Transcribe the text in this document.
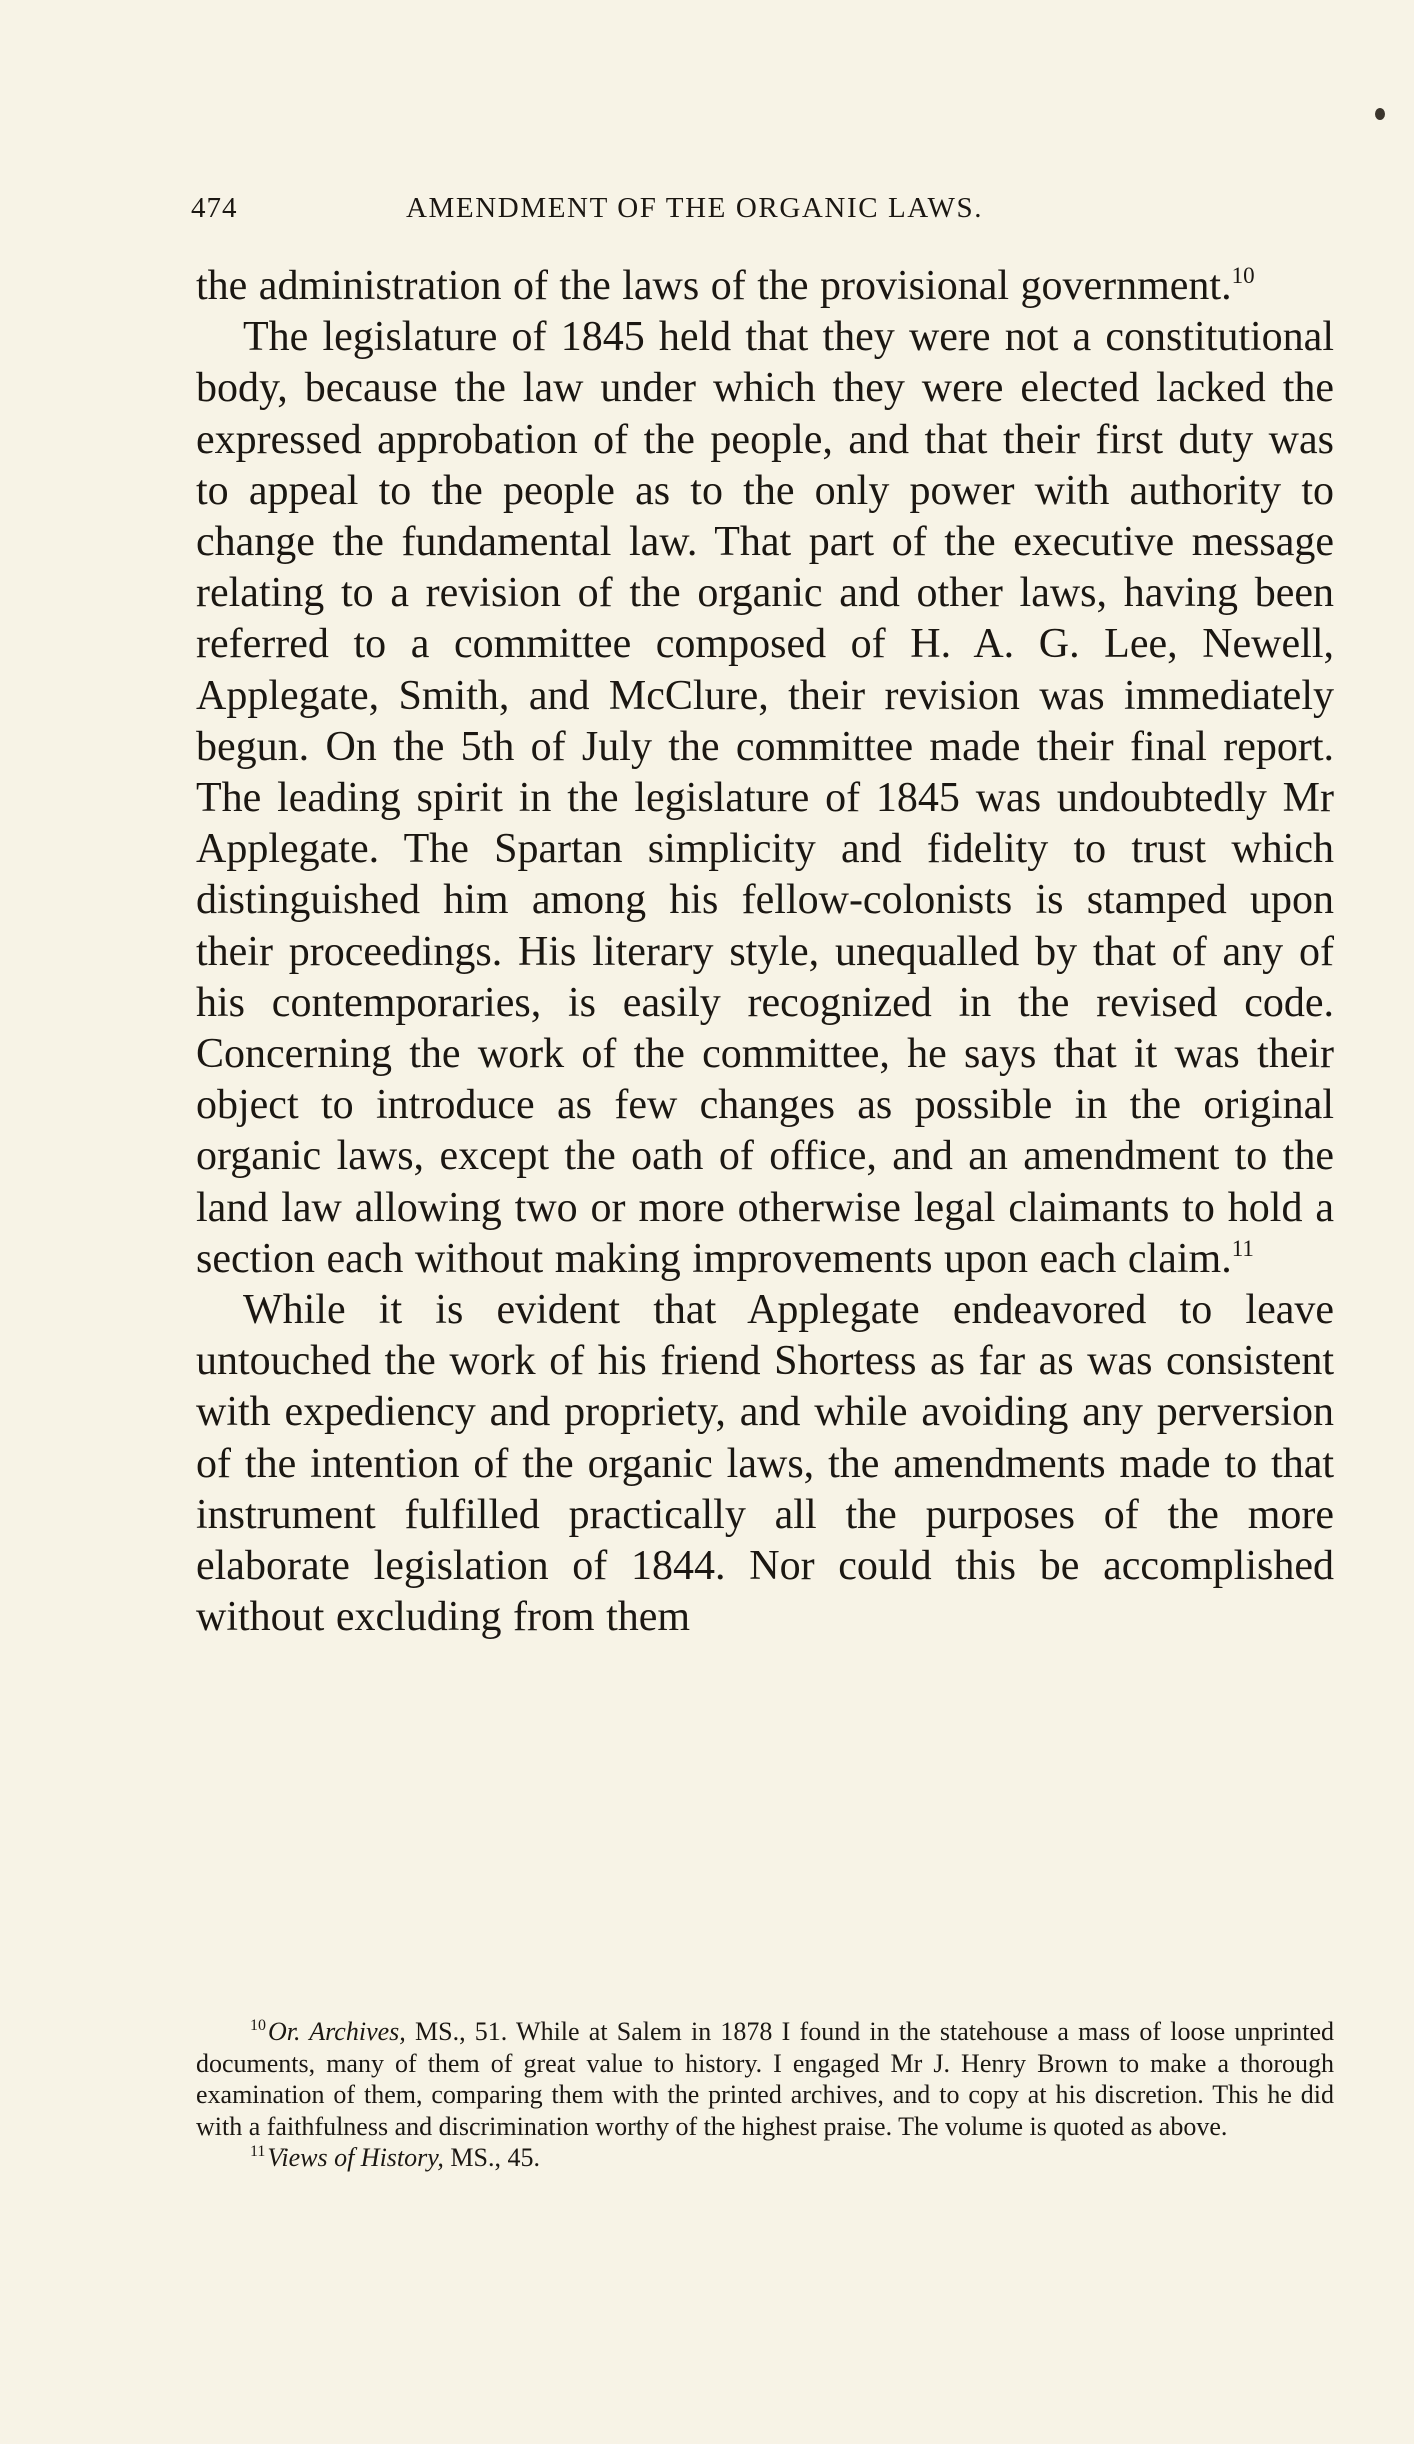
474	AMENDMENT OF THE ORGANIC LAWS.

the administration of the laws of the provisional government.$^{10}$

The legislature of 1845 held that they were not a constitutional body, because the law under which they were elected lacked the expressed approbation of the people, and that their first duty was to appeal to the people as to the only power with authority to change the fundamental law. That part of the executive message relating to a revision of the organic and other laws, having been referred to a committee composed of H. A. G. Lee, Newell, Applegate, Smith, and McClure, their revision was immediately begun. On the 5th of July the committee made their final report. The leading spirit in the legislature of 1845 was undoubtedly Mr Applegate. The Spartan simplicity and fidelity to trust which distinguished him among his fellow-colonists is stamped upon their proceedings. His literary style, unequalled by that of any of his contemporaries, is easily recognized in the revised code. Concerning the work of the committee, he says that it was their object to introduce as few changes as possible in the original organic laws, except the oath of office, and an amendment to the land law allowing two or more otherwise legal claimants to hold a section each without making improvements upon each claim.$^{11}$

While it is evident that Applegate endeavored to leave untouched the work of his friend Shortess as far as was consistent with expediency and propriety, and while avoiding any perversion of the intention of the organic laws, the amendments made to that instrument fulfilled practically all the purposes of the more elaborate legislation of 1844. Nor could this be accomplished without excluding from them

$^{10}$Or. Archives, MS., 51. While at Salem in 1878 I found in the statehouse a mass of loose unprinted documents, many of them of great value to history. I engaged Mr J. Henry Brown to make a thorough examination of them, comparing them with the printed archives, and to copy at his discretion. This he did with a faithfulness and discrimination worthy of the highest praise. The volume is quoted as above.

$^{11}$Views of History, MS., 45.
